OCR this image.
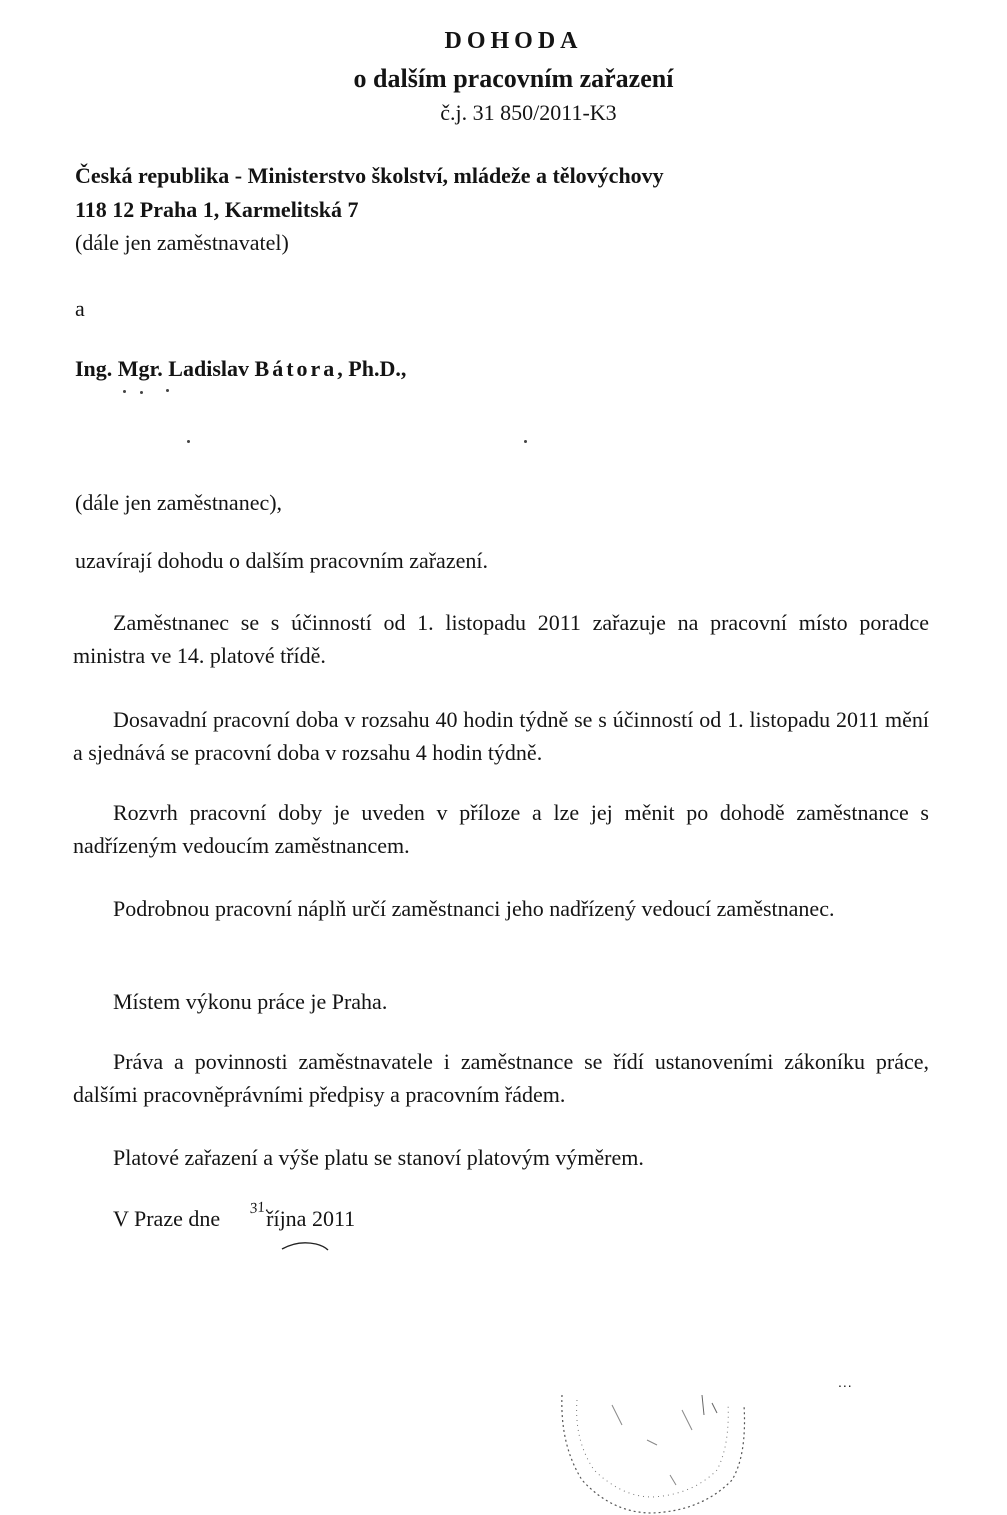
DOHODA
o dalším pracovním zařazení
č.j. 31 850/2011-K3
Česká republika - Ministerstvo školství, mládeže a tělovýchovy
118 12 Praha 1, Karmelitská 7
(dále jen zaměstnavatel)
a
Ing. Mgr. Ladislav Bátora, Ph.D.,
(dále jen zaměstnanec),
uzavírají dohodu o dalším pracovním zařazení.
Zaměstnanec se s účinností od 1. listopadu 2011 zařazuje na pracovní místo poradce ministra ve 14. platové třídě.
Dosavadní pracovní doba v rozsahu 40 hodin týdně se s účinností od 1. listopadu 2011 mění a sjednává se pracovní doba v rozsahu 4 hodin týdně.
Rozvrh pracovní doby je uveden v příloze a lze jej měnit po dohodě zaměstnance s nadřízeným vedoucím zaměstnancem.
Podrobnou pracovní náplň určí zaměstnanci jeho nadřízený vedoucí zaměstnanec.
Místem výkonu práce je Praha.
Práva a povinnosti zaměstnavatele i zaměstnance se řídí ustanoveními zákoníku práce, dalšími pracovněprávními předpisy a pracovním řádem.
Platové zařazení a výše platu se stanoví platovým výměrem.
V Praze dne října 2011
31.
...
